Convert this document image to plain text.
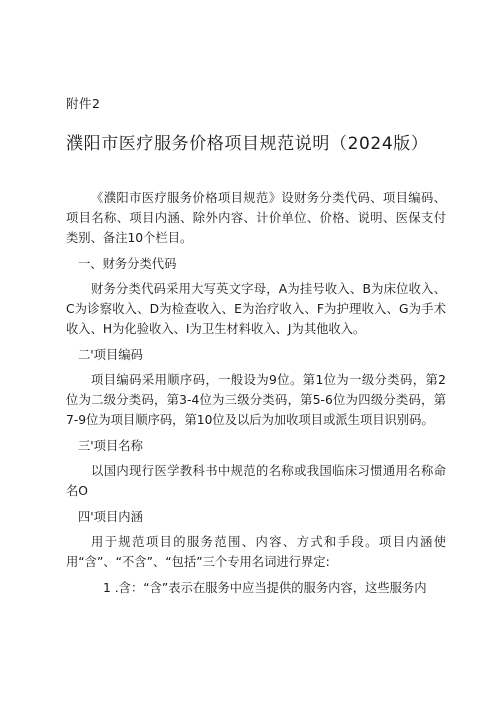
附件2
濮阳市医疗服务价格项目规范说明（2024版）

《濮阳市医疗服务价格项目规范》设财务分类代码、项目编码、项目名称、项目内涵、除外内容、计价单位、价格、说明、医保支付类别、备注10个栏目。

一、财务分类代码

财务分类代码采用大写英文字母，A为挂号收入、B为床位收入、C为诊察收入、D为检查收入、E为治疗收入、F为护理收入、G为手术收入、H为化验收入、I为卫生材料收入、J为其他收入。

二'项目编码

项目编码采用顺序码，一般设为9位。第1位为一级分类码，第2位为二级分类码，第3-4位为三级分类码，第5-6位为四级分类码，第7-9位为项目顺序码，第10位及以后为加收项目或派生项目识别码。

三'项目名称

以国内现行医学教科书中规范的名称或我国临床习惯通用名称命名O

四'项目内涵

用于规范项目的服务范围、内容、方式和手段。项目内涵使用“含”、“不含”、“包括”三个专用名词进行界定:

1 .含：“含”表示在服务中应当提供的服务内容，这些服务内
